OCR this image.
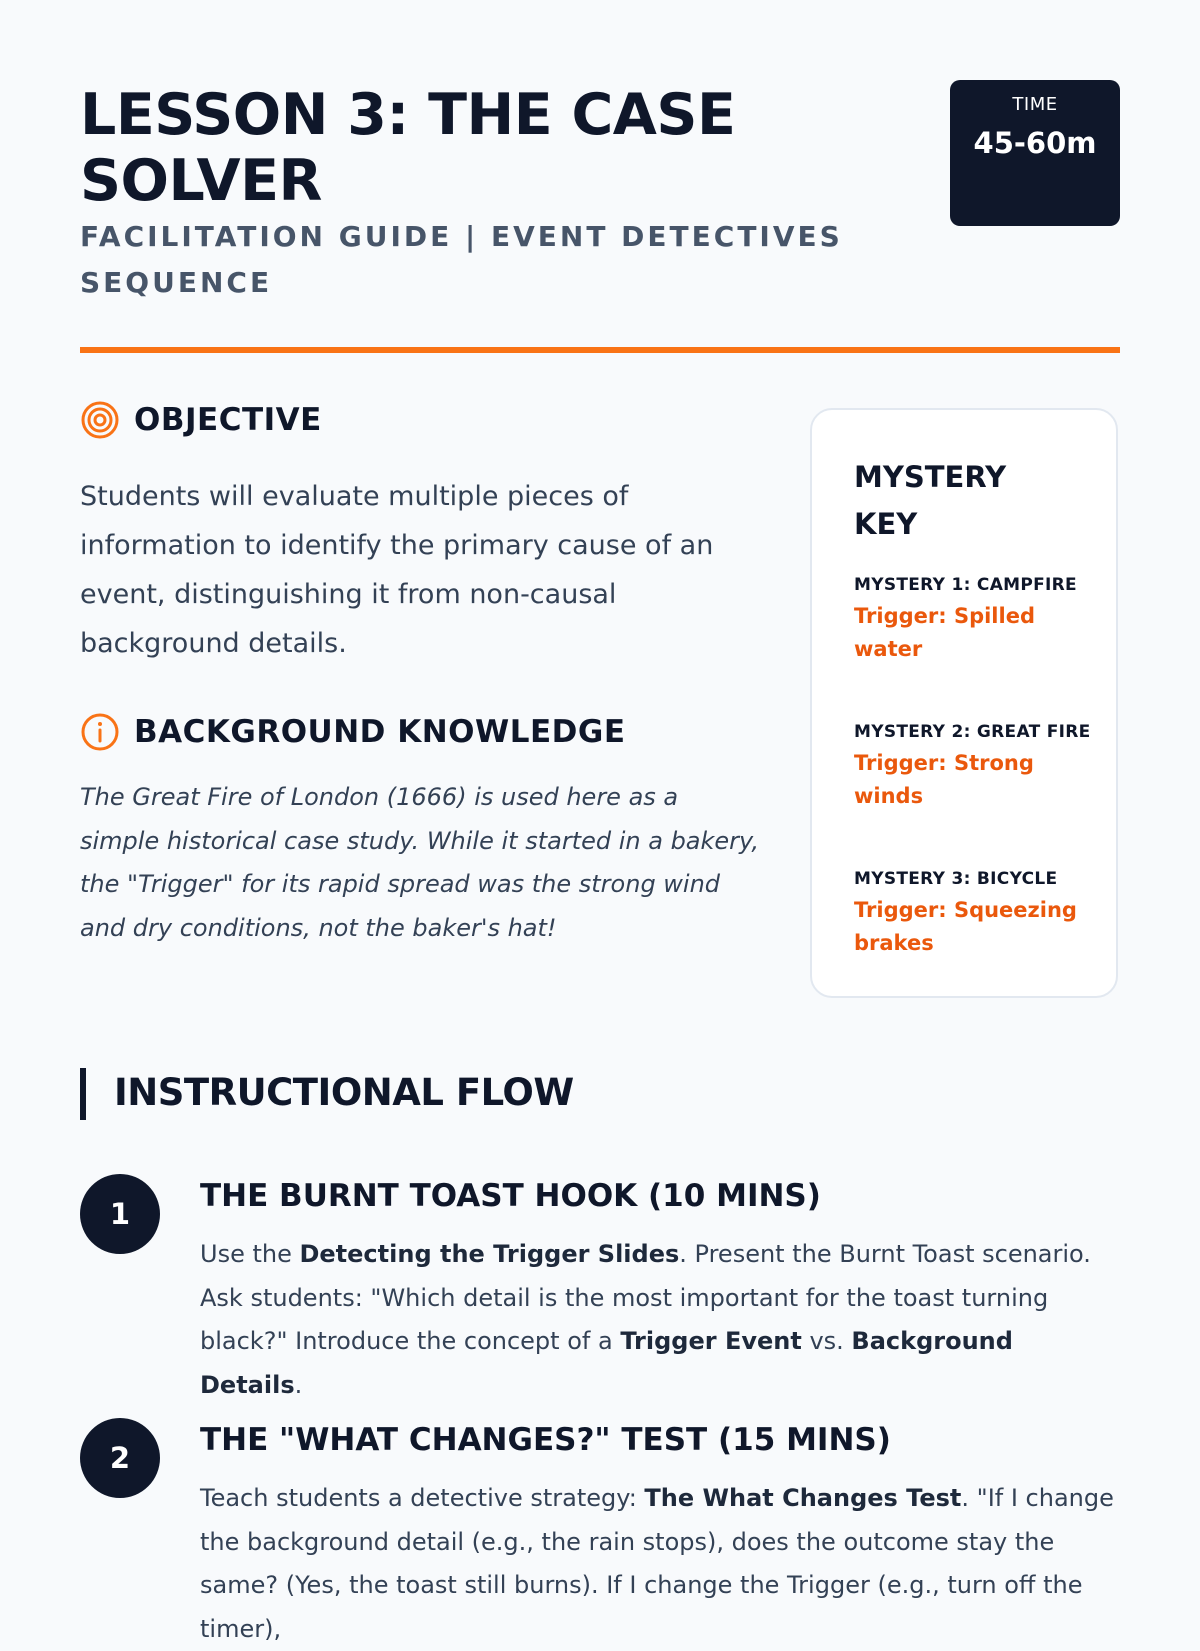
LESSON 3: THE CASE SOLVER

FACILITATION GUIDE | EVENT DETECTIVES SEQUENCE

TIME
45-60m
OBJECTIVE

Students will evaluate multiple pieces of information to identify the primary cause of an event, distinguishing it from non-causal background details.

BACKGROUND KNOWLEDGE

The Great Fire of London (1666) is used here as a simple historical case study. While it started in a bakery, the "Trigger" for its rapid spread was the strong wind and dry conditions, not the baker's hat!

MYSTERY KEY
MYSTERY 1: CAMPFIRE
Trigger: Spilled water
MYSTERY 2: GREAT FIRE
Trigger: Strong winds
MYSTERY 3: BICYCLE
Trigger: Squeezing brakes
INSTRUCTIONAL FLOW
1	THE BURNT TOAST HOOK (10 MINS)

Use the Detecting the Trigger Slides. Present the Burnt Toast scenario. Ask students: "Which detail is the most important for the toast turning black?" Introduce the concept of a Trigger Event vs. Background Details.

2	THE "WHAT CHANGES?" TEST (15 MINS)

Teach students a detective strategy: The What Changes Test. "If I change the background detail (e.g., the rain stops), does the outcome stay the same? (Yes, the toast still burns). If I change the Trigger (e.g., turn off the timer),
